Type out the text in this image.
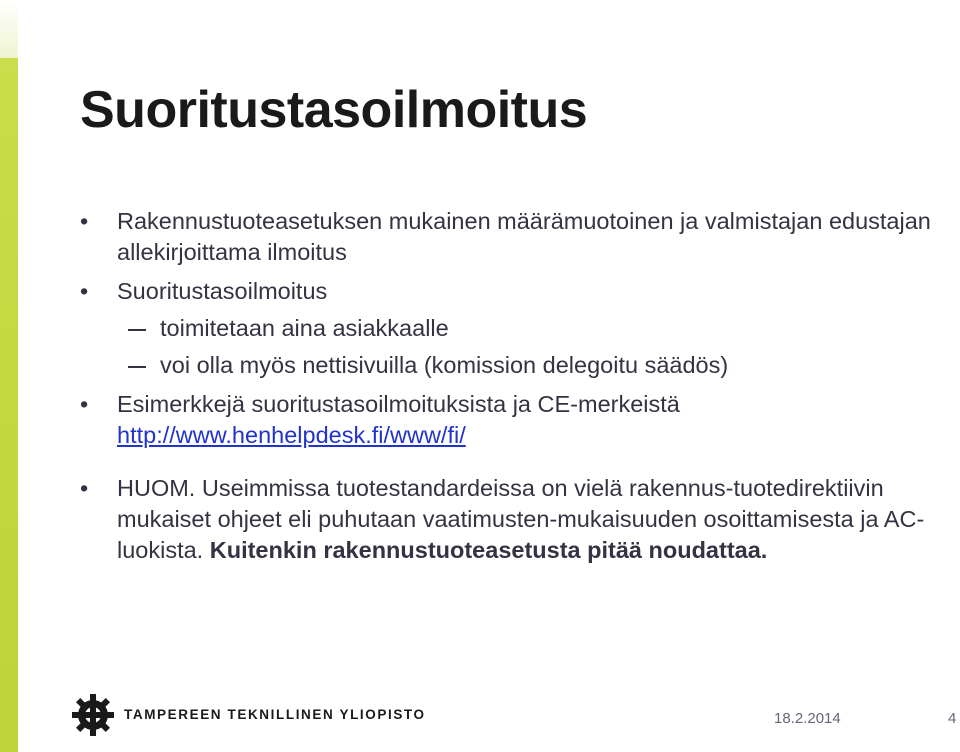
Suoritustasoilmoitus
• Rakennustuoteasetuksen mukainen määrämuotoinen ja valmistajan edustajan allekirjoittama ilmoitus
• Suoritustasoilmoitus
toimitetaan aina asiakkaalle
voi olla myös nettisivuilla (komission delegoitu säädös)
• Esimerkkejä suoritustasoilmoituksista ja CE-merkeistä
http://www.henhelpdesk.fi/www/fi/
• HUOM. Useimmissa tuotestandardeissa on vielä rakennus-tuotedirektiivin mukaiset ohjeet eli puhutaan vaatimusten-mukaisuuden osoittamisesta ja AC-luokista. Kuitenkin rakennustuoteasetusta pitää noudattaa.
TAMPEREEN TEKNILLINEN YLIOPISTO	18.2.2014	4
